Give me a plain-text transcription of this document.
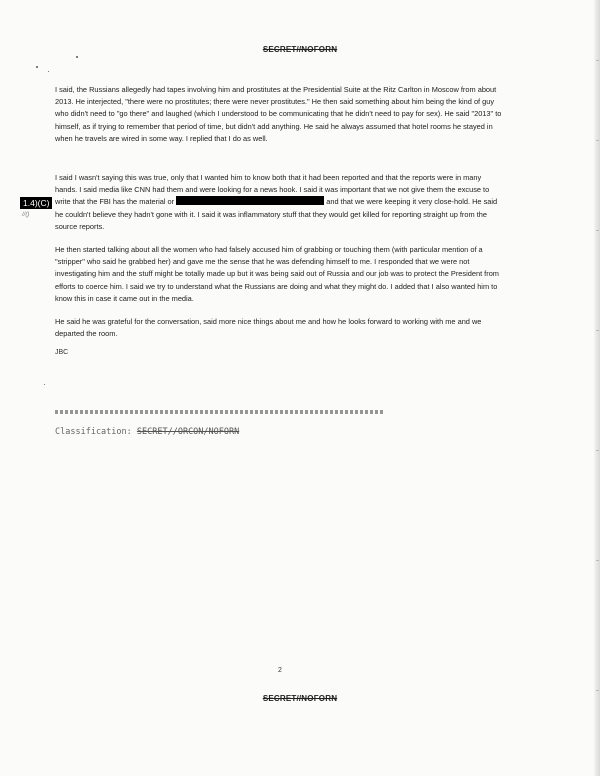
SECRET//NOFORN

I said, the Russians allegedly had tapes involving him and prostitutes at the Presidential Suite at the Ritz Carlton in Moscow from about 2013. He interjected, "there were no prostitutes; there were never prostitutes." He then said something about him being the kind of guy who didn't need to "go there" and laughed (which I understood to be communicating that he didn't need to pay for sex). He said "2013" to himself, as if trying to remember that period of time, but didn't add anything. He said he always assumed that hotel rooms he stayed in when he travels are wired in some way. I replied that I do as well.

I said I wasn't saying this was true, only that I wanted him to know both that it had been reported and that the reports were in many hands. I said media like CNN had them and were looking for a news hook. I said it was important that we not give them the excuse to write that the FBI has the material or	and that we were keeping it very close-hold. He said he couldn't believe they hadn't gone with it. I said it was inflammatory stuff that they would get killed for reporting straight up from the source reports.

1.4)(C)
//()

He then started talking about all the women who had falsely accused him of grabbing or touching them (with particular mention of a "stripper" who said he grabbed her) and gave me the sense that he was defending himself to me. I responded that we were not investigating him and the stuff might be totally made up but it was being said out of Russia and our job was to protect the President from efforts to coerce him. I said we try to understand what the Russians are doing and what they might do. I added that I also wanted him to know this in case it came out in the media.

He said he was grateful for the conversation, said more nice things about me and how he looks forward to working with me and we departed the room.

JBC
Classification: SECRET//ORCON/NOFORN
2
SECRET//NOFORN
